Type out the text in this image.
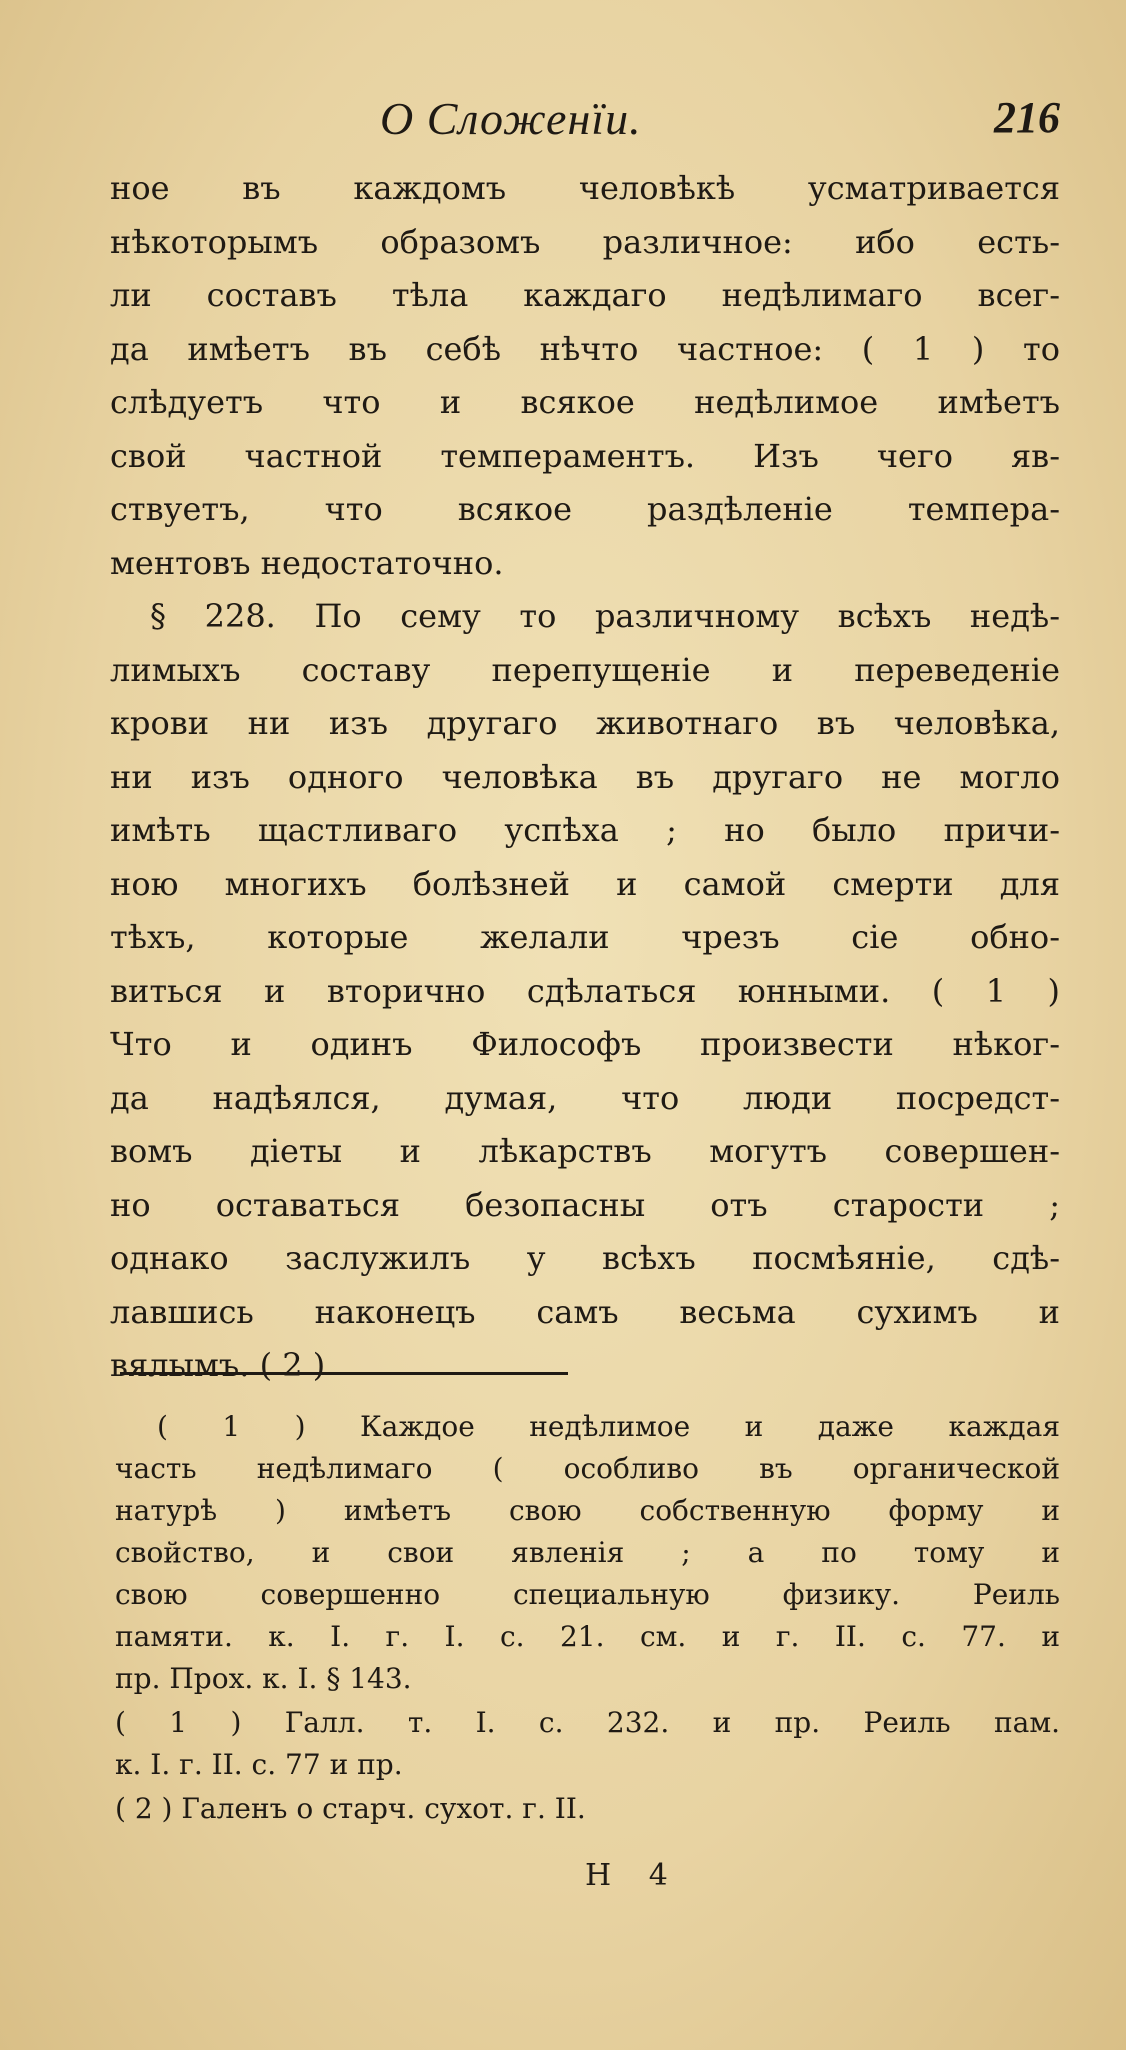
О Сложенїи.	216
ное въ каждомъ человѣкѣ усматривается
нѣкоторымъ образомъ различное: ибо есть-
ли составъ тѣла каждаго недѣлимаго всег-
да имѣетъ въ себѣ нѣчто частное: ( 1 ) то
слѣдуетъ что и всякое недѣлимое имѣетъ
свой частной темпераментъ. Изъ чего яв-
ствуетъ, что всякое раздѣленіе темпера-
ментовъ недостаточно.
§ 228. По сему то различному всѣхъ недѣ-
лимыхъ составу перепущеніе и переведеніе
крови ни изъ другаго животнаго въ человѣка,
ни изъ одного человѣка въ другаго не могло
имѣть щастливаго успѣха ; но было причи-
ною многихъ болѣзней и самой смерти для
тѣхъ, которые желали чрезъ сіе обно-
виться и вторично сдѣлаться юнными. ( 1 )
Что и одинъ Философъ произвести нѣког-
да надѣялся, думая, что люди посредст-
вомъ діеты и лѣкарствъ могутъ совершен-
но оставаться безопасны отъ старости ;
однако заслужилъ у всѣхъ посмѣяніе, сдѣ-
лавшись наконецъ самъ весьма сухимъ и
вялымъ. ( 2 )
( 1 ) Каждое недѣлимое и даже каждая
часть недѣлимаго ( особливо въ органической
натурѣ ) имѣетъ свою собственную форму и
свойство, и свои явленія ; а по тому и
свою совершенно специальную физику. Реиль
памяти. к. I. г. I. с. 21. см. и г. II. с. 77. и
пр. Прох. к. I. § 143.
( 1 ) Галл. т. I. с. 232. и пр. Реиль пам.
к. I. г. II. с. 77 и пр.
( 2 ) Галенъ о старч. сухот. г. II.
Н 4
